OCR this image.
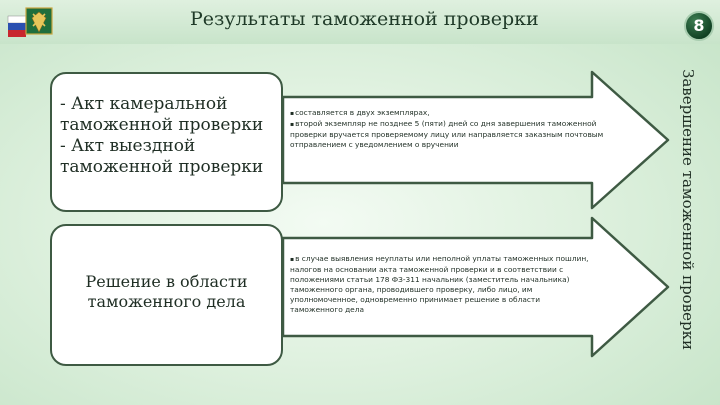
Результаты таможенной проверки	8
- Акт камеральной
таможенной проверки
- Акт выездной
таможенной проверки
Решение в области
таможенного дела
▪ составляется в двух экземплярах,
▪ второй экземпляр не позднее 5 (пяти) дней со дня завершения таможенной проверки вручается проверяемому лицу или направляется заказным почтовым отправлением с уведомлением о вручении
▪ в случае выявления неуплаты или неполной уплаты таможенных пошлин, налогов на основании акта таможенной проверки и в соответствии с положениями статьи 178 ФЗ-311 начальник (заместитель начальника) таможенного органа, проводившего проверку, либо лицо, им уполномоченное, одновременно принимает решение в области таможенного дела	Завершение таможенной проверки
